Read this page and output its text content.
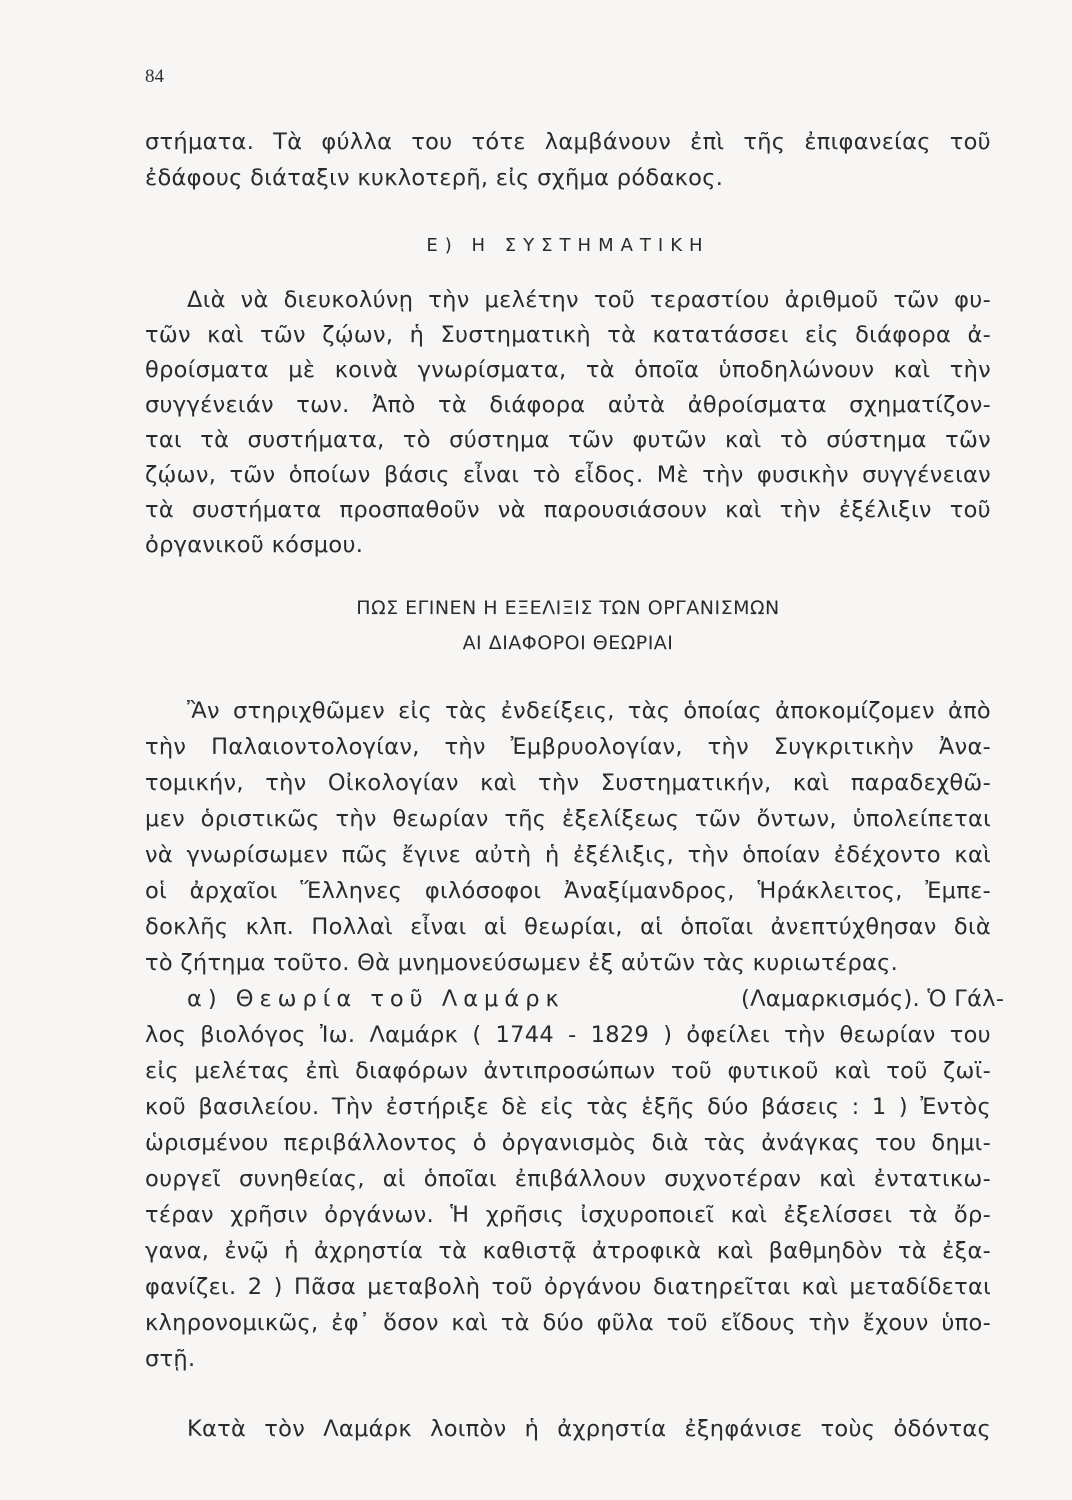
84
στήματα. Τὰ φύλλα του τότε λαμβάνουν ἐπὶ τῆς ἐπιφανείας τοῦ
ἐδάφους διάταξιν κυκλοτερῆ, εἰς σχῆμα ρόδακος.
Ε) Η ΣΥΣΤΗΜΑΤΙΚΗ
Διὰ νὰ διευκολύνῃ τὴν μελέτην τοῦ τεραστίου ἀριθμοῦ τῶν φυ-
τῶν καὶ τῶν ζῴων, ἡ Συστηματικὴ τὰ κατατάσσει εἰς διάφορα ἀ-
θροίσματα μὲ κοινὰ γνωρίσματα, τὰ ὁποῖα ὑποδηλώνουν καὶ τὴν
συγγένειάν των. Ἀπὸ τὰ διάφορα αὐτὰ ἀθροίσματα σχηματίζον-
ται τὰ συστήματα, τὸ σύστημα τῶν φυτῶν καὶ τὸ σύστημα τῶν
ζῴων, τῶν ὁποίων βάσις εἶναι τὸ εἶδος. Μὲ τὴν φυσικὴν συγγένειαν
τὰ συστήματα προσπαθοῦν νὰ παρουσιάσουν καὶ τὴν ἐξέλιξιν τοῦ
ὀργανικοῦ κόσμου.
ΠΩΣ ΕΓΙΝΕΝ Η ΕΞΕΛΙΞΙΣ ΤΩΝ ΟΡΓΑΝΙΣΜΩΝ
ΑΙ ΔΙΑΦΟΡΟΙ ΘΕΩΡΙΑΙ
Ἂν στηριχθῶμεν εἰς τὰς ἐνδείξεις, τὰς ὁποίας ἀποκομίζομεν ἀπὸ
τὴν Παλαιοντολογίαν, τὴν Ἐμβρυολογίαν, τὴν Συγκριτικὴν Ἀνα-
τομικήν, τὴν Οἰκολογίαν καὶ τὴν Συστηματικήν, καὶ παραδεχθῶ-
μεν ὁριστικῶς τὴν θεωρίαν τῆς ἐξελίξεως τῶν ὄντων, ὑπολείπεται
νὰ γνωρίσωμεν πῶς ἔγινε αὐτὴ ἡ ἐξέλιξις, τὴν ὁποίαν ἐδέχοντο καὶ
οἱ ἀρχαῖοι Ἕλληνες φιλόσοφοι Ἀναξίμανδρος, Ἡράκλειτος, Ἐμπε-
δοκλῆς κλπ. Πολλαὶ εἶναι αἱ θεωρίαι, αἱ ὁποῖαι ἀνεπτύχθησαν διὰ
τὸ ζήτημα τοῦτο. Θὰ μνημονεύσωμεν ἐξ αὐτῶν τὰς κυριωτέρας.
α) Θεωρία τοῦ Λαμάρκ	(Λαμαρκισμός). Ὁ Γάλ-
λος βιολόγος Ἰω. Λαμάρκ ( 1744 - 1829 ) ὀφείλει τὴν θεωρίαν του
εἰς μελέτας ἐπὶ διαφόρων ἀντιπροσώπων τοῦ φυτικοῦ καὶ τοῦ ζωϊ-
κοῦ βασιλείου. Τὴν ἐστήριξε δὲ εἰς τὰς ἑξῆς δύο βάσεις : 1 ) Ἐντὸς
ὡρισμένου περιβάλλοντος ὁ ὀργανισμὸς διὰ τὰς ἀνάγκας του δημι-
ουργεῖ συνηθείας, αἱ ὁποῖαι ἐπιβάλλουν συχνοτέραν καὶ ἐντατικω-
τέραν χρῆσιν ὀργάνων. Ἡ χρῆσις ἰσχυροποιεῖ καὶ ἐξελίσσει τὰ ὄρ-
γανα, ἐνῷ ἡ ἀχρηστία τὰ καθιστᾷ ἀτροφικὰ καὶ βαθμηδὸν τὰ ἐξα-
φανίζει. 2 ) Πᾶσα μεταβολὴ τοῦ ὀργάνου διατηρεῖται καὶ μεταδίδεται
κληρονομικῶς, ἐφ᾽ ὅσον καὶ τὰ δύο φῦλα τοῦ εἴδους τὴν ἔχουν ὑπο-
στῇ.
Κατὰ τὸν Λαμάρκ λοιπὸν ἡ ἀχρηστία ἐξηφάνισε τοὺς ὀδόντας
